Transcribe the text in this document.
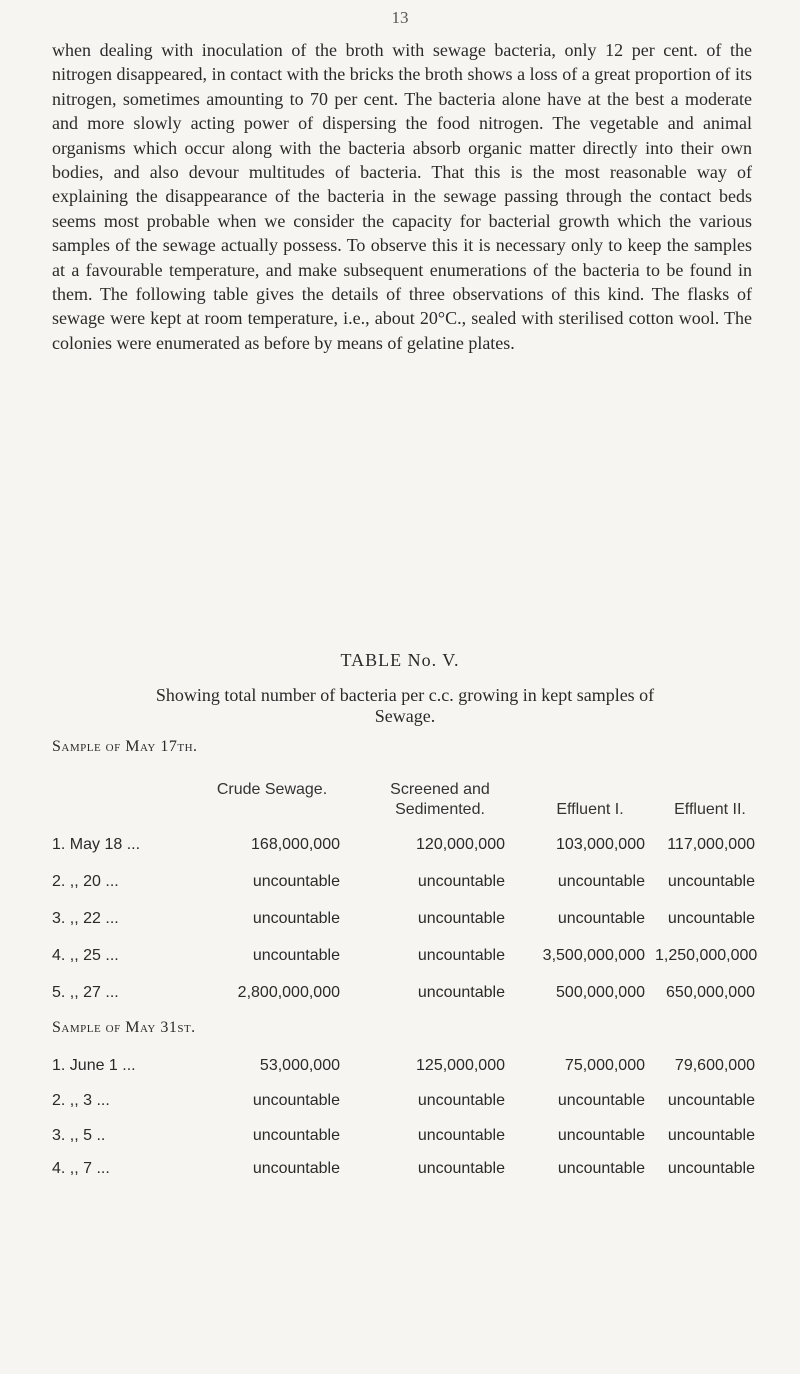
13

when dealing with inoculation of the broth with sewage bacteria, only 12 per cent. of the nitrogen disappeared, in contact with the bricks the broth shows a loss of a great proportion of its nitrogen, sometimes amounting to 70 per cent. The bacteria alone have at the best a moderate and more slowly acting power of dispersing the food nitrogen. The vegetable and animal organisms which occur along with the bacteria absorb organic matter directly into their own bodies, and also devour multitudes of bacteria. That this is the most reasonable way of explaining the disappearance of the bacteria in the sewage passing through the contact beds seems most probable when we consider the capacity for bacterial growth which the various samples of the sewage actually possess. To observe this it is necessary only to keep the samples at a favourable temperature, and make subsequent enumerations of the bacteria to be found in them. The following table gives the details of three observations of this kind. The flasks of sewage were kept at room temperature, i.e., about 20°C., sealed with sterilised cotton wool. The colonies were enumerated as before by means of gelatine plates.

TABLE No. V.

Showing total number of bacteria per c.c. growing in kept samples of Sewage.

Sample of May 17th.
Crude Sewage.	Screened and Sedimented.	Effluent I.	Effluent II.
1. May 18 ...	168,000,000	120,000,000	103,000,000	117,000,000
2. ,, 20 ...	uncountable	uncountable	uncountable	uncountable
3. ,, 22 ...	uncountable	uncountable	uncountable	uncountable
4. ,, 25 ...	uncountable	uncountable	3,500,000,000 1,250,000,000
5. ,, 27 ...	2,800,000,000	uncountable	500,000,000	650,000,000
Sample of May 31st.
1. June 1 ...	53,000,000	125,000,000	75,000,000	79,600,000
2. ,, 3 ...	uncountable	uncountable	uncountable	uncountable
3. ,, 5 ..	uncountable	uncountable	uncountable	uncountable
4. ,, 7 ...	uncountable	uncountable	uncountable	uncountable
